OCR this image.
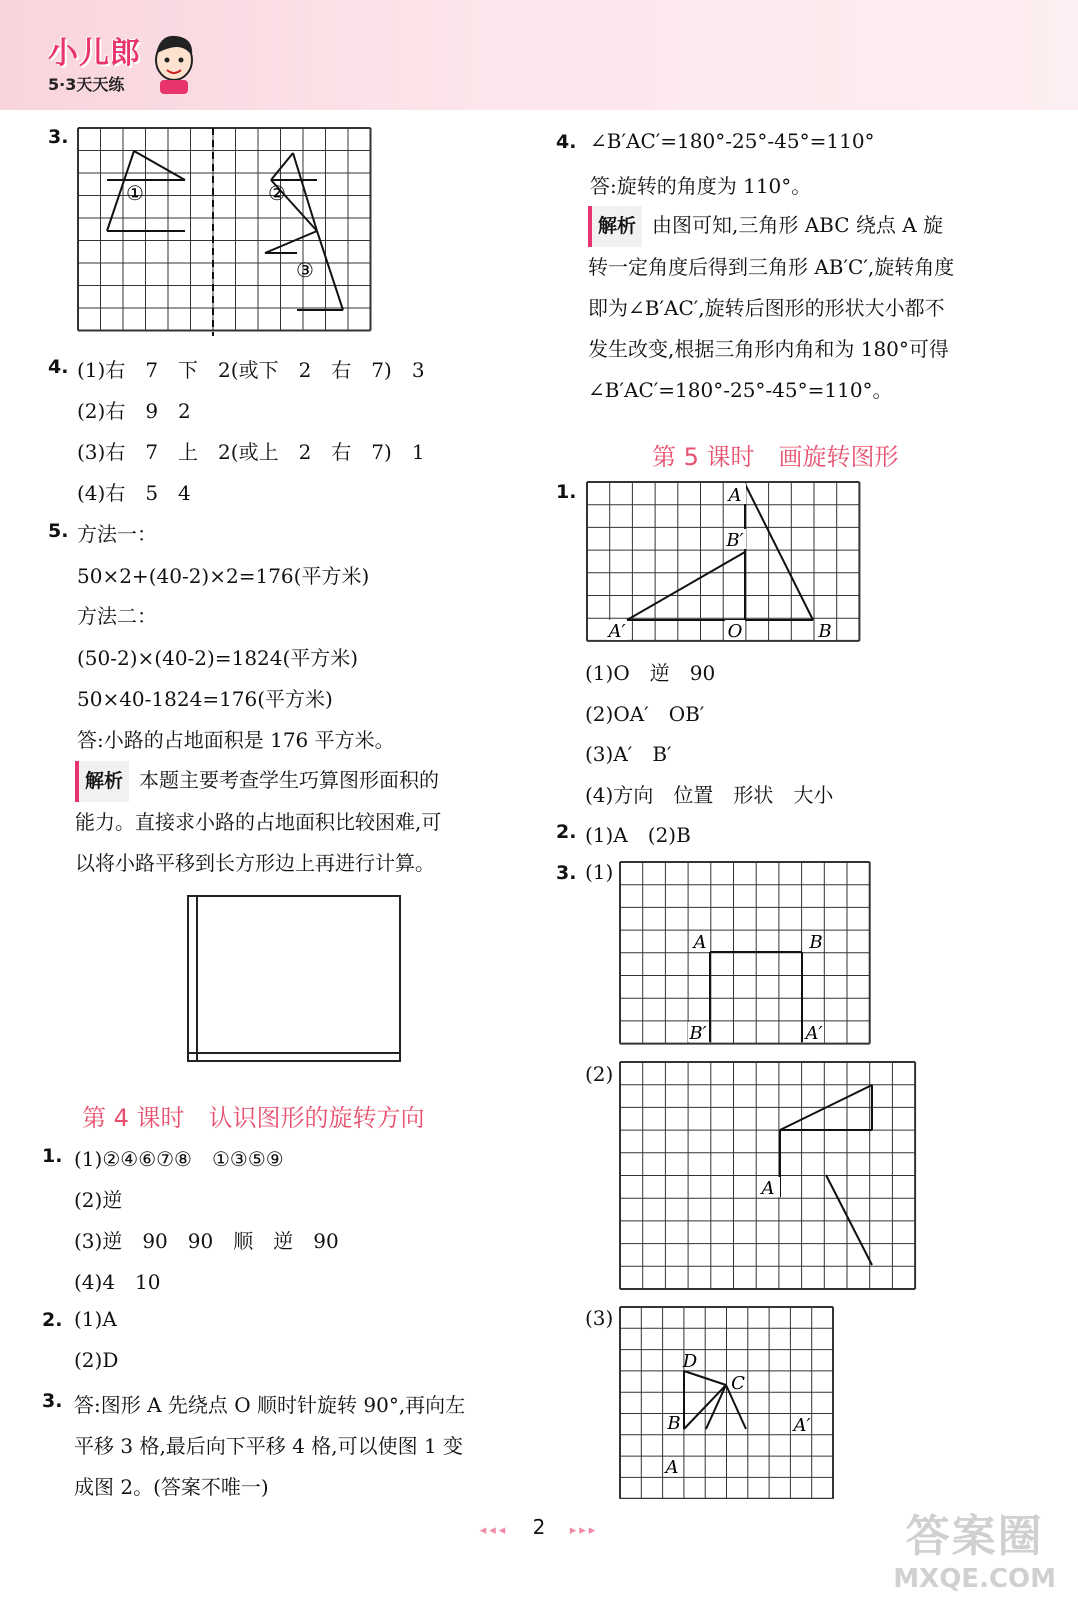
小儿郎
5·3天天练
3.
①	②
③
4. (1)右　7　下　2(或下　2　右　7)　3
(2)右　9　2
(3)右　7　上　2(或上　2　右　7)　1
(4)右　5　4
5. 方法一：
50×2+(40-2)×2=176(平方米)
方法二：
(50-2)×(40-2)=1824(平方米)
50×40-1824=176(平方米)
答:小路的占地面积是 176 平方米。
解析 本题主要考查学生巧算图形面积的
能力。直接求小路的占地面积比较困难,可
以将小路平移到长方形边上再进行计算。
第 4 课时　认识图形的旋转方向
1. (1)②④⑥⑦⑧　①③⑤⑨
(2)逆
(3)逆　90　90　顺　逆　90
(4)4　10
2. (1)A
(2)D
3. 答:图形 A 先绕点 O 顺时针旋转 90°,再向左
平移 3 格,最后向下平移 4 格,可以使图 1 变
成图 2。(答案不唯一)
4. ∠B′AC′=180°-25°-45°=110°
答:旋转的角度为 110°。
解析 由图可知,三角形 ABC 绕点 A 旋
转一定角度后得到三角形 AB′C′,旋转角度
即为∠B′AC′,旋转后图形的形状大小都不
发生改变,根据三角形内角和为 180°可得
∠B′AC′=180°-25°-45°=110°。
第 5 课时　画旋转图形
1.	A
B′
A′	O	B
(1)O　逆　90
(2)OA′　OB′
(3)A′　B′
(4)方向　位置　形状　大小
2. (1)A　(2)B
3. (1)
A	B
B′	A′
(2)
A
(3)
D
C
B	A′
A
◂◂◂ 2 ▸▸▸	答案圈
MXQE.COM
